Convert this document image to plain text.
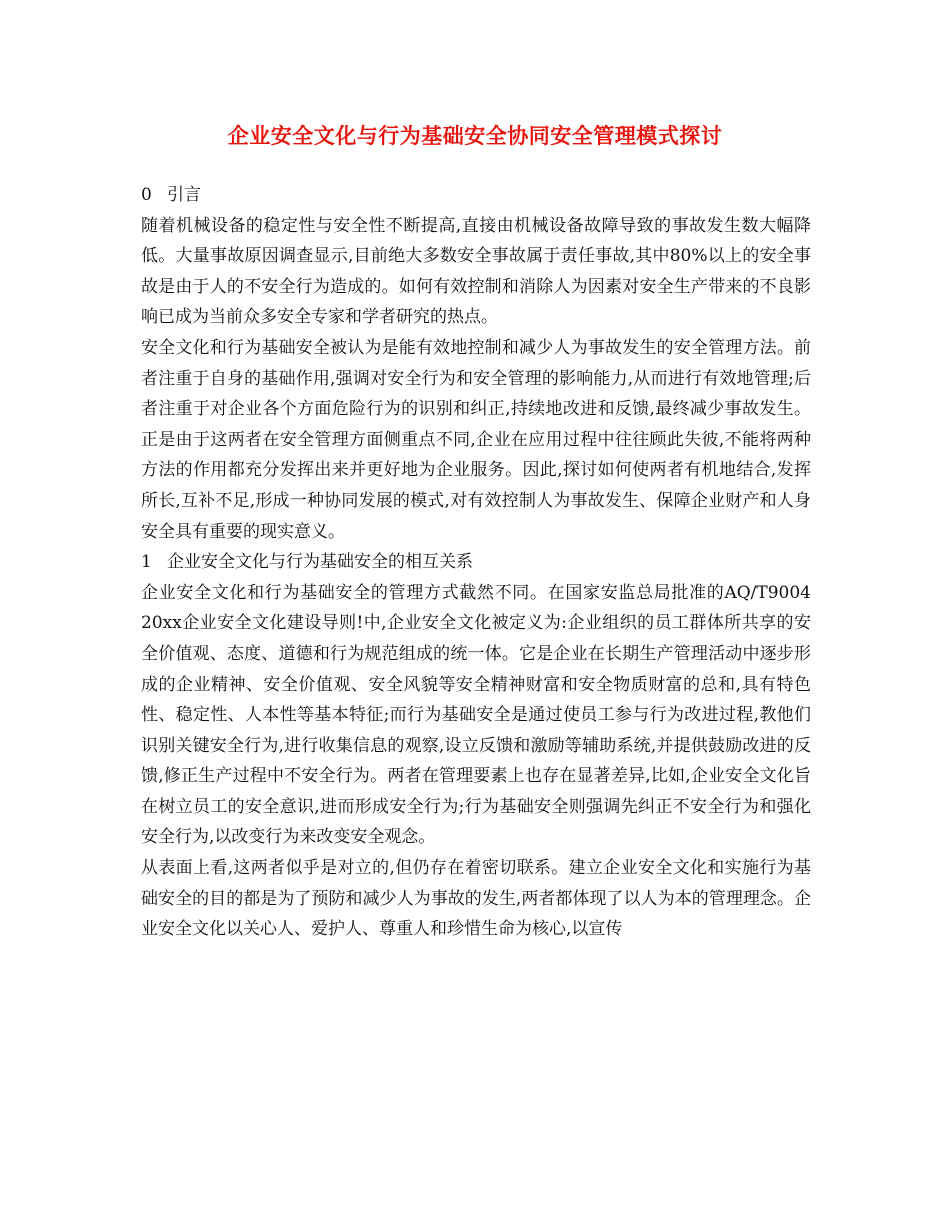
企业安全文化与行为基础安全协同安全管理模式探讨
0 引言

随着机械设备的稳定性与安全性不断提高,直接由机械设备故障导致的事故发生数大幅降低。大量事故原因调查显示,目前绝大多数安全事故属于责任事故,其中80%以上的安全事故是由于人的不安全行为造成的。如何有效控制和消除人为因素对安全生产带来的不良影响已成为当前众多安全专家和学者研究的热点。

安全文化和行为基础安全被认为是能有效地控制和减少人为事故发生的安全管理方法。前者注重于自身的基础作用,强调对安全行为和安全管理的影响能力,从而进行有效地管理;后者注重于对企业各个方面危险行为的识别和纠正,持续地改进和反馈,最终减少事故发生。正是由于这两者在安全管理方面侧重点不同,企业在应用过程中往往顾此失彼,不能将两种方法的作用都充分发挥出来并更好地为企业服务。因此,探讨如何使两者有机地结合,发挥所长,互补不足,形成一种协同发展的模式,对有效控制人为事故发生、保障企业财产和人身安全具有重要的现实意义。

1 企业安全文化与行为基础安全的相互关系

企业安全文化和行为基础安全的管理方式截然不同。在国家安监总局批准的AQ/T9004 20xx企业安全文化建设导则!中,企业安全文化被定义为:企业组织的员工群体所共享的安全价值观、态度、道德和行为规范组成的统一体。它是企业在长期生产管理活动中逐步形成的企业精神、安全价值观、安全风貌等安全精神财富和安全物质财富的总和,具有特色性、稳定性、人本性等基本特征;而行为基础安全是通过使员工参与行为改进过程,教他们识别关键安全行为,进行收集信息的观察,设立反馈和激励等辅助系统,并提供鼓励改进的反馈,修正生产过程中不安全行为。两者在管理要素上也存在显著差异,比如,企业安全文化旨在树立员工的安全意识,进而形成安全行为;行为基础安全则强调先纠正不安全行为和强化安全行为,以改变行为来改变安全观念。

从表面上看,这两者似乎是对立的,但仍存在着密切联系。建立企业安全文化和实施行为基础安全的目的都是为了预防和减少人为事故的发生,两者都体现了以人为本的管理理念。企业安全文化以关心人、爱护人、尊重人和珍惜生命为核心,以宣传
